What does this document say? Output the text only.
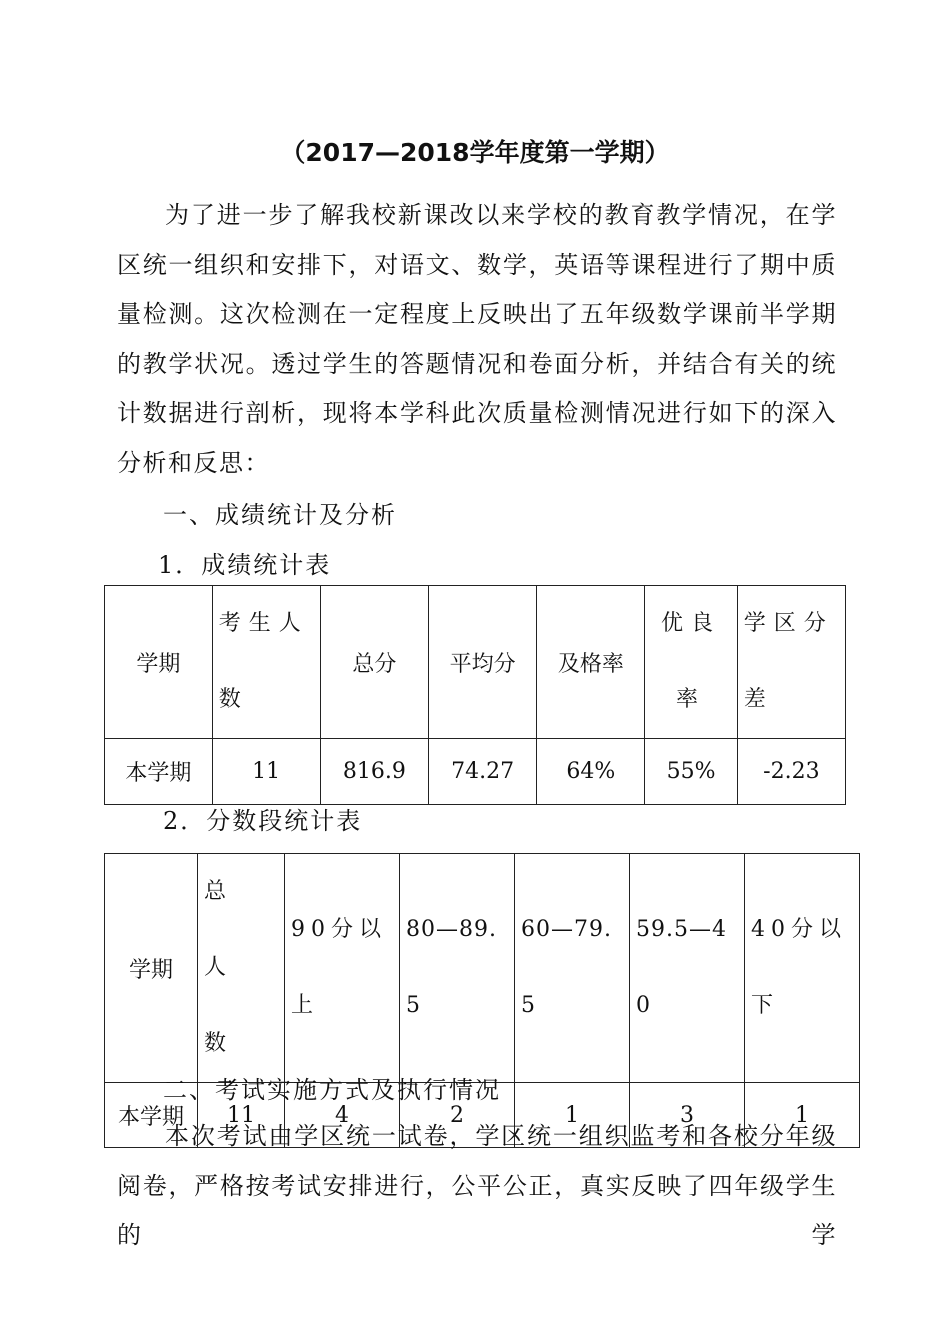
（2017—2018学年度第一学期）

为了进一步了解我校新课改以来学校的教育教学情况，在学区统一组织和安排下，对语文、数学，英语等课程进行了期中质量检测。这次检测在一定程度上反映出了五年级数学课前半学期的教学状况。透过学生的答题情况和卷面分析，并结合有关的统计数据进行剖析，现将本学科此次质量检测情况进行如下的深入分析和反思：

一、成绩统计及分析
1．成绩统计表
学期	考生人数	总分	平均分	及格率	优良率	学区分差
本学期	11	816.9	74.27	64%	55%	-2.23
2．分数段统计表
学期	总人数	90分以上	80—89.5	60—79.5	59.5—40	40分以下
本学期	11	4	2	1	3	1
二、考试实施方式及执行情况

本次考试由学区统一试卷，学区统一组织监考和各校分年级阅卷，严格按考试安排进行，公平公正，真实反映了四年级学生的学
